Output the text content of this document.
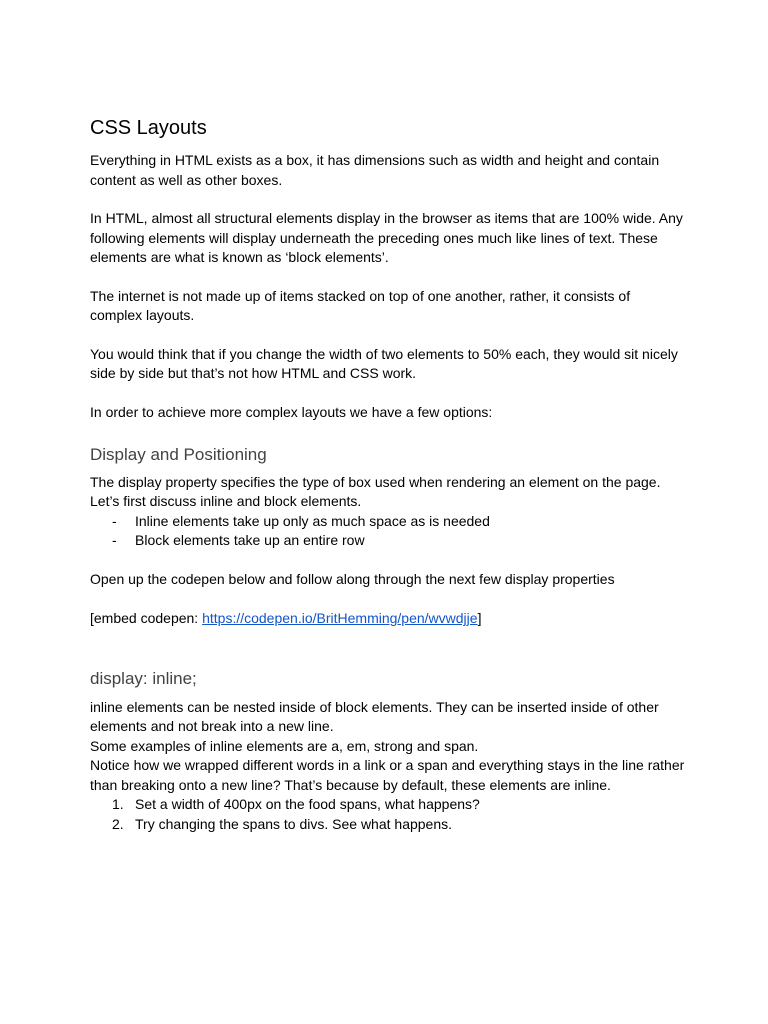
CSS Layouts

Everything in HTML exists as a box, it has dimensions such as width and height and contain

content as well as other boxes.

In HTML, almost all structural elements display in the browser as items that are 100% wide. Any

following elements will display underneath the preceding ones much like lines of text. These

elements are what is known as ‘block elements’.

The internet is not made up of items stacked on top of one another, rather, it consists of

complex layouts.

You would think that if you change the width of two elements to 50% each, they would sit nicely

side by side but that’s not how HTML and CSS work.

In order to achieve more complex layouts we have a few options:

Display and Positioning

The display property specifies the type of box used when rendering an element on the page.

Let’s first discuss inline and block elements.

- Inline elements take up only as much space as is needed
- Block elements take up an entire row

Open up the codepen below and follow along through the next few display properties

[embed codepen: https://codepen.io/BritHemming/pen/wvwdjje]

display: inline;

inline elements can be nested inside of block elements. They can be inserted inside of other

elements and not break into a new line.

Some examples of inline elements are a, em, strong and span.

Notice how we wrapped different words in a link or a span and everything stays in the line rather

than breaking onto a new line? That’s because by default, these elements are inline.

1. Set a width of 400px on the food spans, what happens?
2. Try changing the spans to divs. See what happens.
